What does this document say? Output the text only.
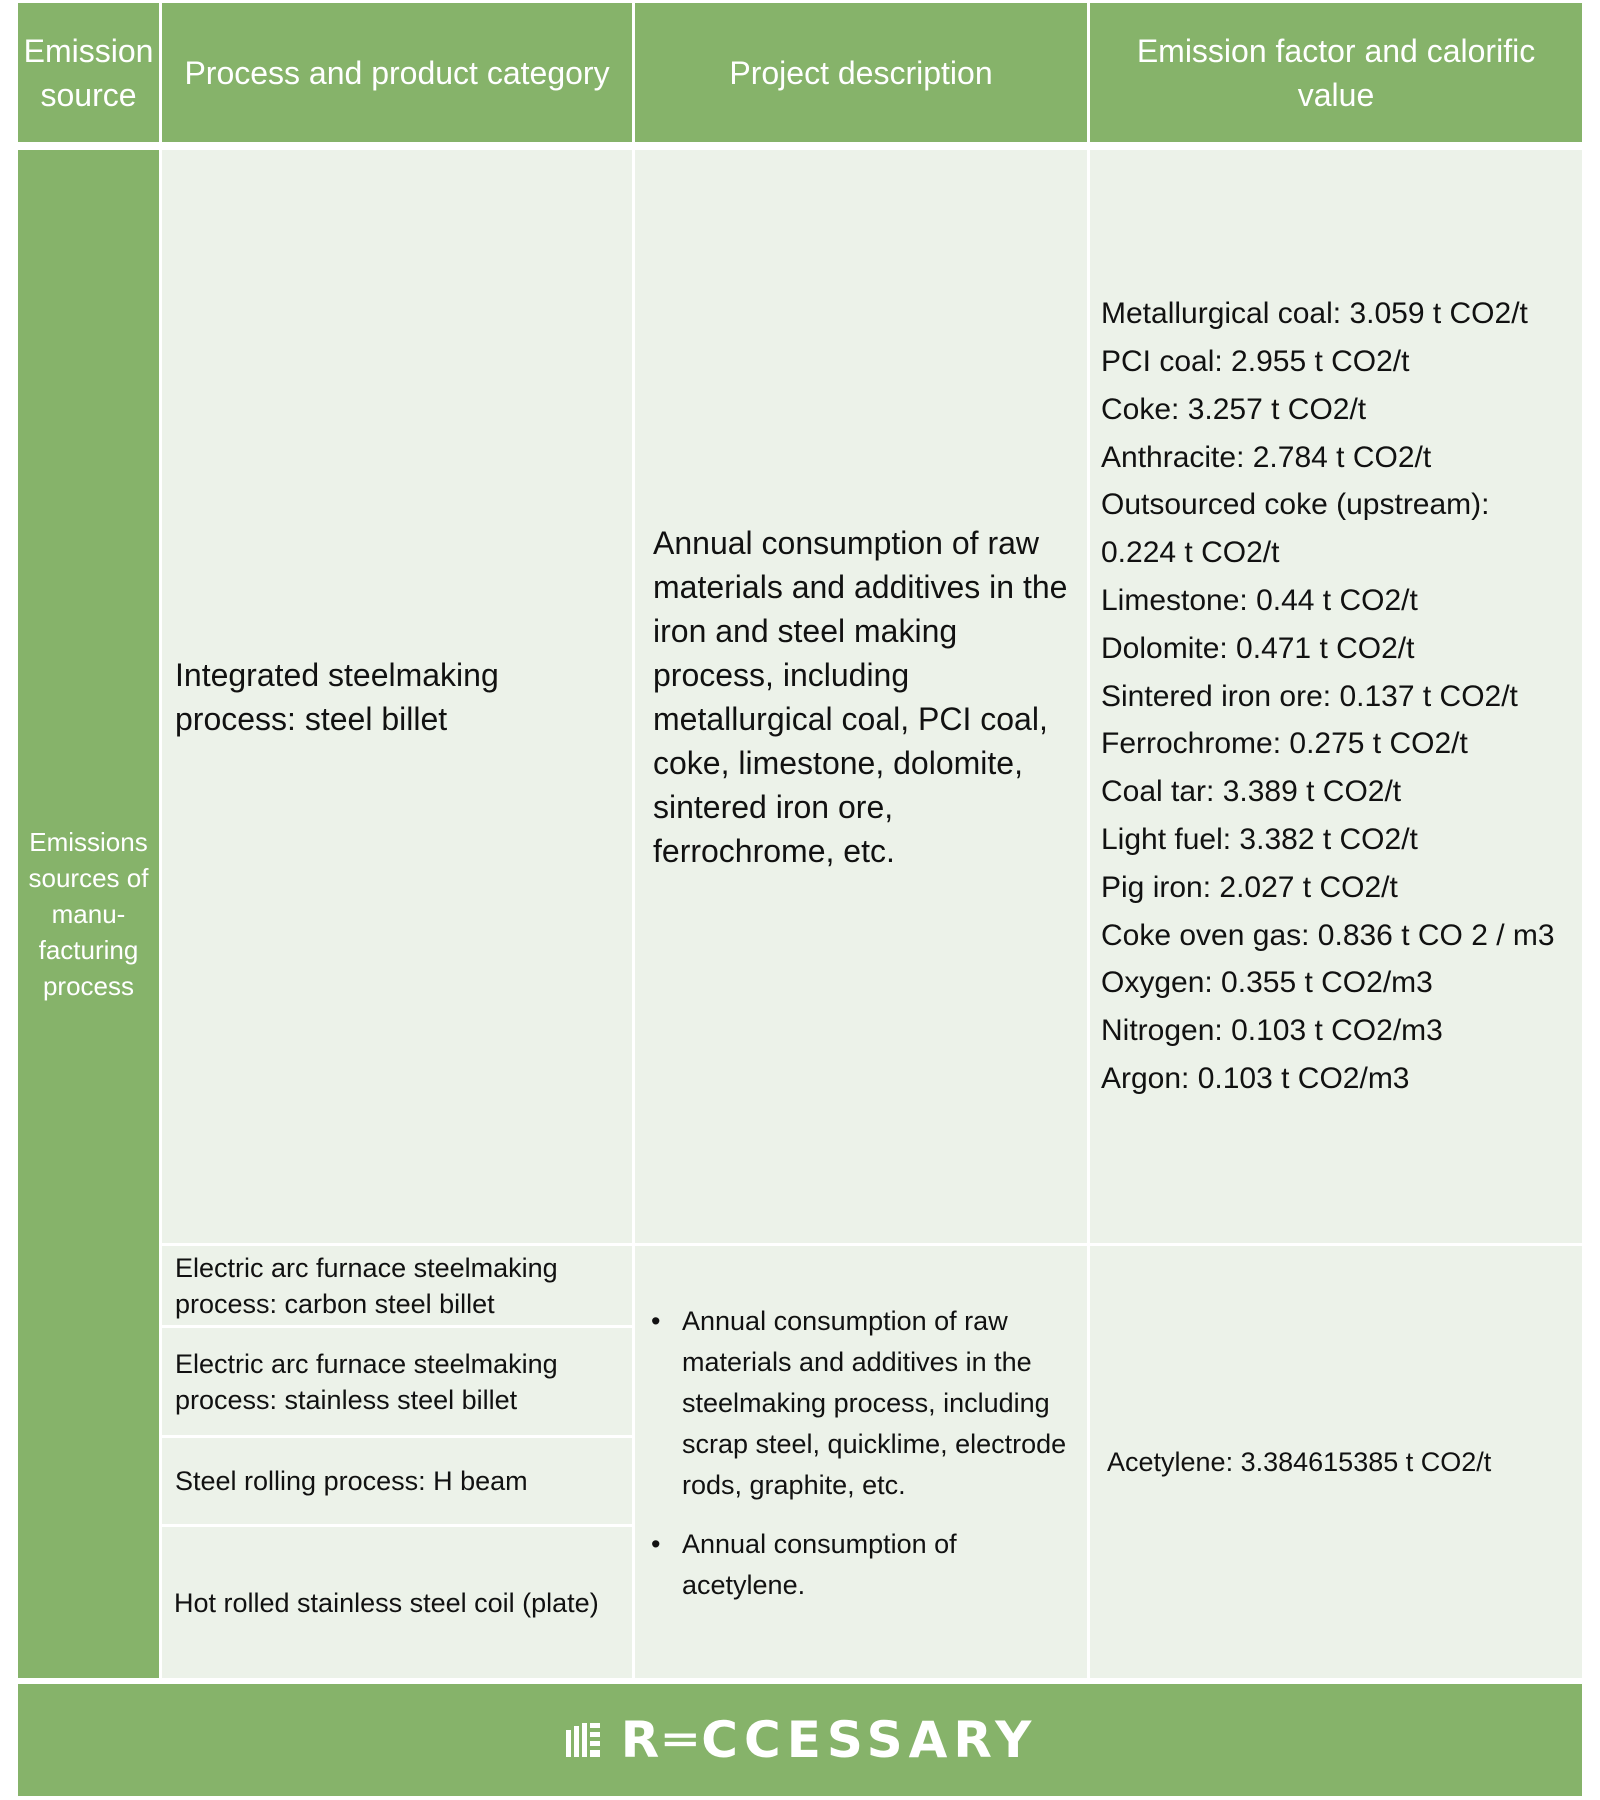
Emission source
Process and product category	Project description
Emission factor and calorific value
Emissions sources of manu-facturing process
Integrated steelmaking process: steel billet
Annual consumption of raw materials and additives in the iron and steel making process, including metallurgical coal, PCI coal, coke, limestone, dolomite, sintered iron ore, ferrochrome, etc.
Metallurgical coal: 3.059 t CO2/t
PCI coal: 2.955 t CO2/t
Coke: 3.257 t CO2/t
Anthracite: 2.784 t CO2/t
Outsourced coke (upstream):
0.224 t CO2/t
Limestone: 0.44 t CO2/t
Dolomite: 0.471 t CO2/t
Sintered iron ore: 0.137 t CO2/t
Ferrochrome: 0.275 t CO2/t
Coal tar: 3.389 t CO2/t
Light fuel: 3.382 t CO2/t
Pig iron: 2.027 t CO2/t
Coke oven gas: 0.836 t CO 2 / m3
Oxygen: 0.355 t CO2/m3
Nitrogen: 0.103 t CO2/m3
Argon: 0.103 t CO2/m3
Electric arc furnace steelmaking process: carbon steel billet
Electric arc furnace steelmaking process: stainless steel billet
Steel rolling process: H beam
Hot rolled stainless steel coil (plate)
• Annual consumption of raw materials and additives in the steelmaking process, including scrap steel, quicklime, electrode rods, graphite, etc.
• Annual consumption of acetylene.
Acetylene: 3.384615385 t CO2/t
R═CCESSARY
